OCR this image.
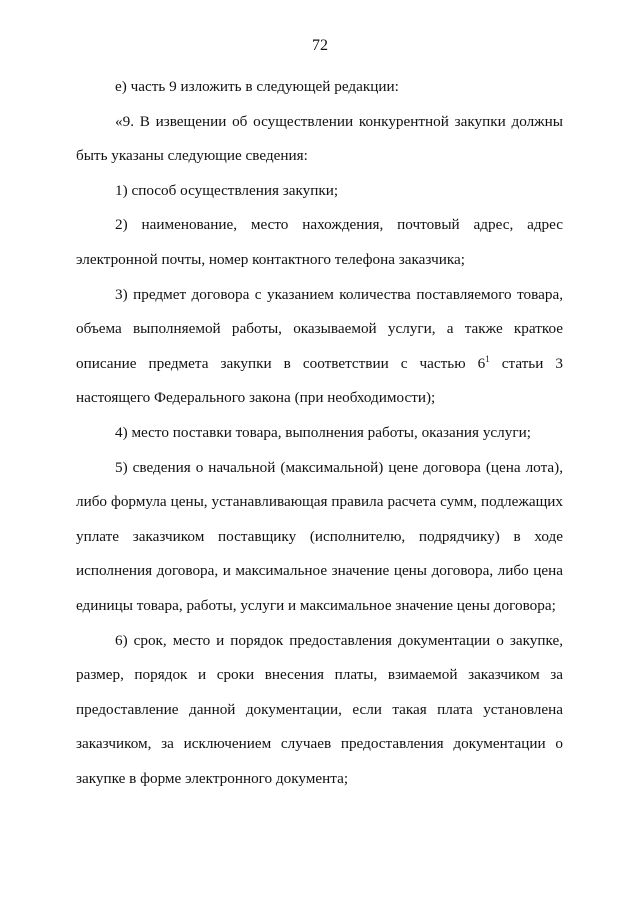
72

е) часть 9 изложить в следующей редакции:

«9. В извещении об осуществлении конкурентной закупки должны быть указаны следующие сведения:

1) способ осуществления закупки;

2) наименование, место нахождения, почтовый адрес, адрес электронной почты, номер контактного телефона заказчика;

3) предмет договора с указанием количества поставляемого товара, объема выполняемой работы, оказываемой услуги, а также краткое описание предмета закупки в соответствии с частью $6^1$ статьи 3 настоящего Федерального закона (при необходимости);

4) место поставки товара, выполнения работы, оказания услуги;

5) сведения о начальной (максимальной) цене договора (цена лота), либо формула цены, устанавливающая правила расчета сумм, подлежащих уплате заказчиком поставщику (исполнителю, подрядчику) в ходе исполнения договора, и максимальное значение цены договора, либо цена единицы товара, работы, услуги и максимальное значение цены договора;

6) срок, место и порядок предоставления документации о закупке, размер, порядок и сроки внесения платы, взимаемой заказчиком за предоставление данной документации, если такая плата установлена заказчиком, за исключением случаев предоставления документации о закупке в форме электронного документа;
